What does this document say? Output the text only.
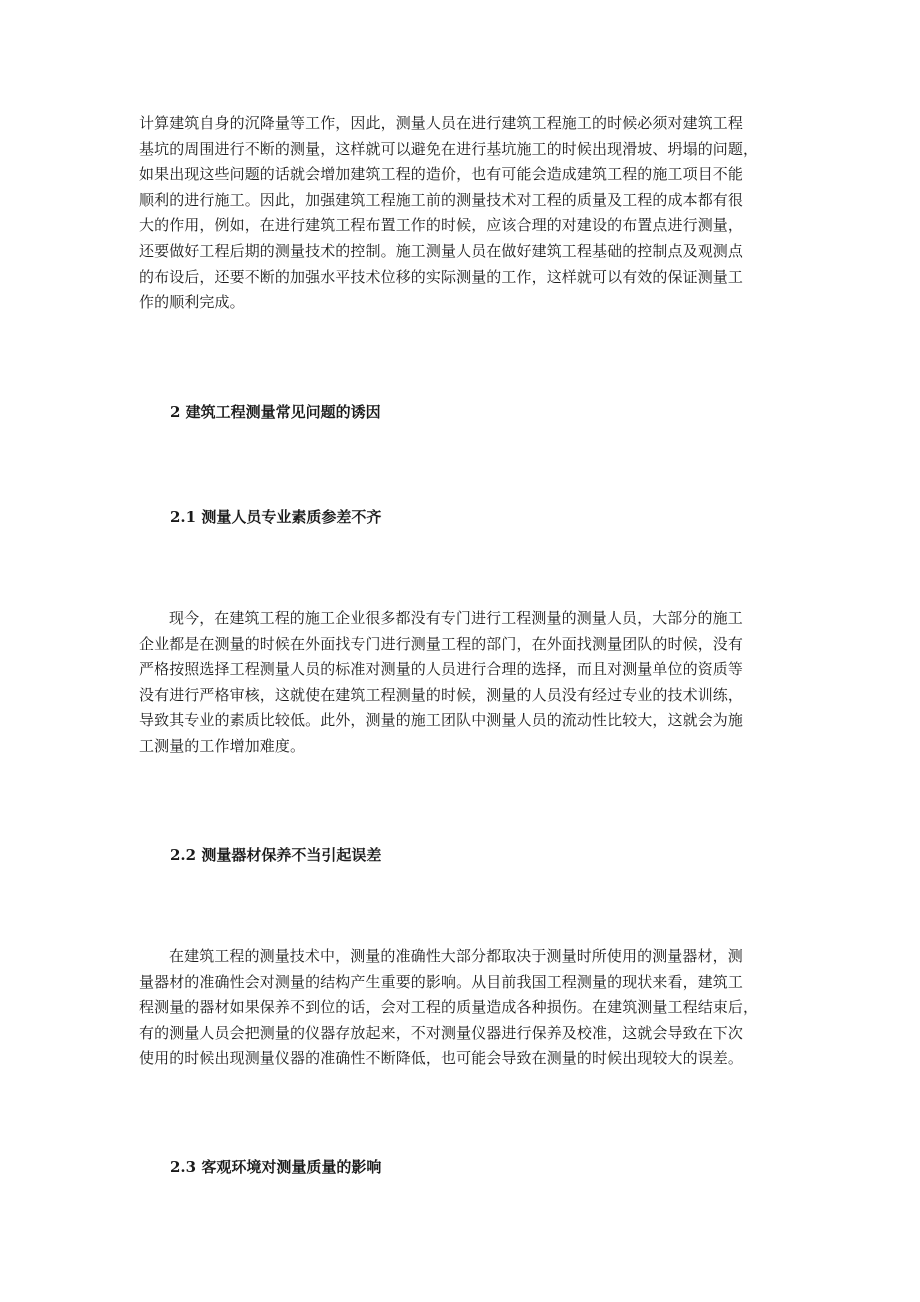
计算建筑自身的沉降量等工作，因此，测量人员在进行建筑工程施工的时候必须对建筑工程
基坑的周围进行不断的测量，这样就可以避免在进行基坑施工的时候出现滑坡、坍塌的问题，
如果出现这些问题的话就会增加建筑工程的造价，也有可能会造成建筑工程的施工项目不能
顺利的进行施工。因此，加强建筑工程施工前的测量技术对工程的质量及工程的成本都有很
大的作用，例如，在进行建筑工程布置工作的时候，应该合理的对建设的布置点进行测量，
还要做好工程后期的测量技术的控制。施工测量人员在做好建筑工程基础的控制点及观测点
的布设后，还要不断的加强水平技术位移的实际测量的工作，这样就可以有效的保证测量工
作的顺利完成。
2 建筑工程测量常见问题的诱因
2.1 测量人员专业素质参差不齐
现今，在建筑工程的施工企业很多都没有专门进行工程测量的测量人员，大部分的施工
企业都是在测量的时候在外面找专门进行测量工程的部门，在外面找测量团队的时候，没有
严格按照选择工程测量人员的标准对测量的人员进行合理的选择，而且对测量单位的资质等
没有进行严格审核，这就使在建筑工程测量的时候，测量的人员没有经过专业的技术训练，
导致其专业的素质比较低。此外，测量的施工团队中测量人员的流动性比较大，这就会为施
工测量的工作增加难度。
2.2 测量器材保养不当引起误差
在建筑工程的测量技术中，测量的准确性大部分都取决于测量时所使用的测量器材，测
量器材的准确性会对测量的结构产生重要的影响。从目前我国工程测量的现状来看，建筑工
程测量的器材如果保养不到位的话，会对工程的质量造成各种损伤。在建筑测量工程结束后，
有的测量人员会把测量的仪器存放起来，不对测量仪器进行保养及校准，这就会导致在下次
使用的时候出现测量仪器的准确性不断降低，也可能会导致在测量的时候出现较大的误差。
2.3 客观环境对测量质量的影响
